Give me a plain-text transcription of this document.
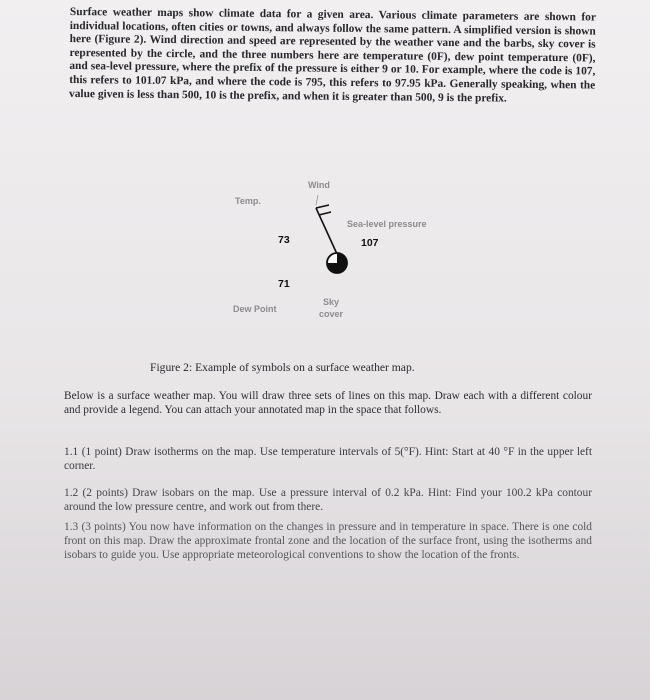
Surface weather maps show climate data for a given area. Various climate parameters are shown for individual locations, often cities or towns, and always follow the same pattern. A simplified version is shown here (Figure 2). Wind direction and speed are represented by the weather vane and the barbs, sky cover is represented by the circle, and the three numbers here are temperature (0F), dew point temperature (0F), and sea-level pressure, where the prefix of the pressure is either 9 or 10. For example, where the code is 107, this refers to 101.07 kPa, and where the code is 795, this refers to 97.95 kPa. Generally speaking, when the value given is less than 500, 10 is the prefix, and when it is greater than 500, 9 is the prefix.
Wind
Temp.
Sea-level pressure
73	107
71
Dew Point
Sky
cover
Figure 2: Example of symbols on a surface weather map.
Below is a surface weather map. You will draw three sets of lines on this map. Draw each with a different colour and provide a legend. You can attach your annotated map in the space that follows.
1.1 (1 point) Draw isotherms on the map. Use temperature intervals of 5(°F). Hint: Start at 40 °F in the upper left corner.
1.2 (2 points) Draw isobars on the map. Use a pressure interval of 0.2 kPa. Hint: Find your 100.2 kPa contour around the low pressure centre, and work out from there.
1.3 (3 points) You now have information on the changes in pressure and in temperature in space. There is one cold front on this map. Draw the approximate frontal zone and the location of the surface front, using the isotherms and isobars to guide you. Use appropriate meteorological conventions to show the location of the fronts.
